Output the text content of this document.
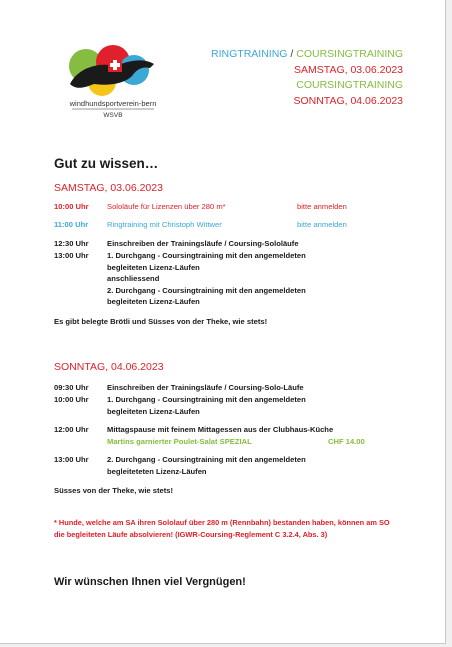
windhundsportverein-bern
WSVB
RINGTRAINING / COURSINGTRAINING
SAMSTAG, 03.06.2023
COURSINGTRAINING
SONNTAG, 04.06.2023
Gut zu wissen…
SAMSTAG, 03.06.2023
10:00 Uhr	Sololäufe für Lizenzen über 280 m*	bitte anmelden
11:00 Uhr	Ringtraining mit Christoph Wittwer	bitte anmelden
12:30 Uhr	Einschreiben der Trainingsläufe / Coursing-Sololäufe
13:00 Uhr	1. Durchgang - Coursingtraining mit den angemeldeten
begleiteten Lizenz-Läufen
anschliessend
2. Durchgang - Coursingtraining mit den angemeldeten
begleiteten Lizenz-Läufen
Es gibt belegte Brötli und Süsses von der Theke, wie stets!
SONNTAG, 04.06.2023
09:30 Uhr	Einschreiben der Trainingsläufe / Coursing-Solo-Läufe
10:00 Uhr	1. Durchgang - Coursingtraining mit den angemeldeten
begleiteten Lizenz-Läufen
12:00 Uhr	Mittagspause mit feinem Mittagessen aus der Clubhaus-Küche
Martins garnierter Poulet-Salat SPEZIAL	CHF 14.00
13:00 Uhr	2. Durchgang - Coursingtraining mit den angemeldeten
begleiteteten Lizenz-Läufen
Süsses von der Theke, wie stets!
* Hunde, welche am SA ihren Sololauf über 280 m (Rennbahn) bestanden haben, können am SO die begleiteten Läufe absolvieren! (IGWR-Coursing-Reglement C 3.2.4, Abs. 3)
Wir wünschen Ihnen viel Vergnügen!
